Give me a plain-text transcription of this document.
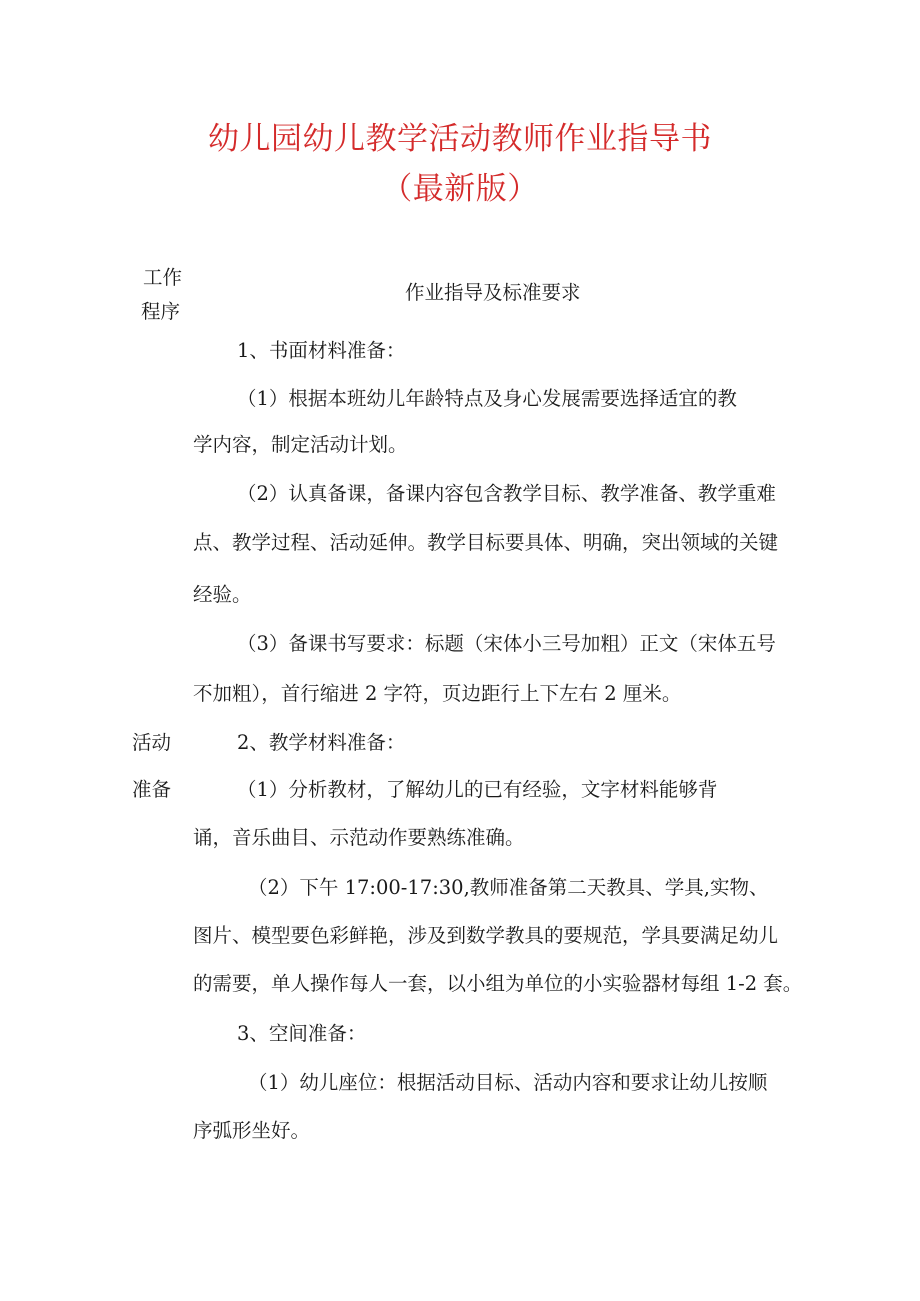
幼儿园幼儿教学活动教师作业指导书
（最新版）
工作
程序
作业指导及标准要求
活动
准备
1、书面材料准备：
（1）根据本班幼儿年龄特点及身心发展需要选择适宜的教
学内容，制定活动计划。
（2）认真备课，备课内容包含教学目标、教学准备、教学重难
点、教学过程、活动延伸。教学目标要具体、明确，突出领域的关键
经验。
（3）备课书写要求：标题（宋体小三号加粗）正文（宋体五号
不加粗），首行缩进 2 字符，页边距行上下左右 2 厘米。
2、教学材料准备：
（1）分析教材，了解幼儿的已有经验，文字材料能够背
诵，音乐曲目、示范动作要熟练准确。
（2）下午 17:00-17:30,教师准备第二天教具、学具,实物、
图片、模型要色彩鲜艳，涉及到数学教具的要规范，学具要满足幼儿
的需要，单人操作每人一套，以小组为单位的小实验器材每组 1-2 套。
3、空间准备：
（1）幼儿座位：根据活动目标、活动内容和要求让幼儿按顺
序弧形坐好。
